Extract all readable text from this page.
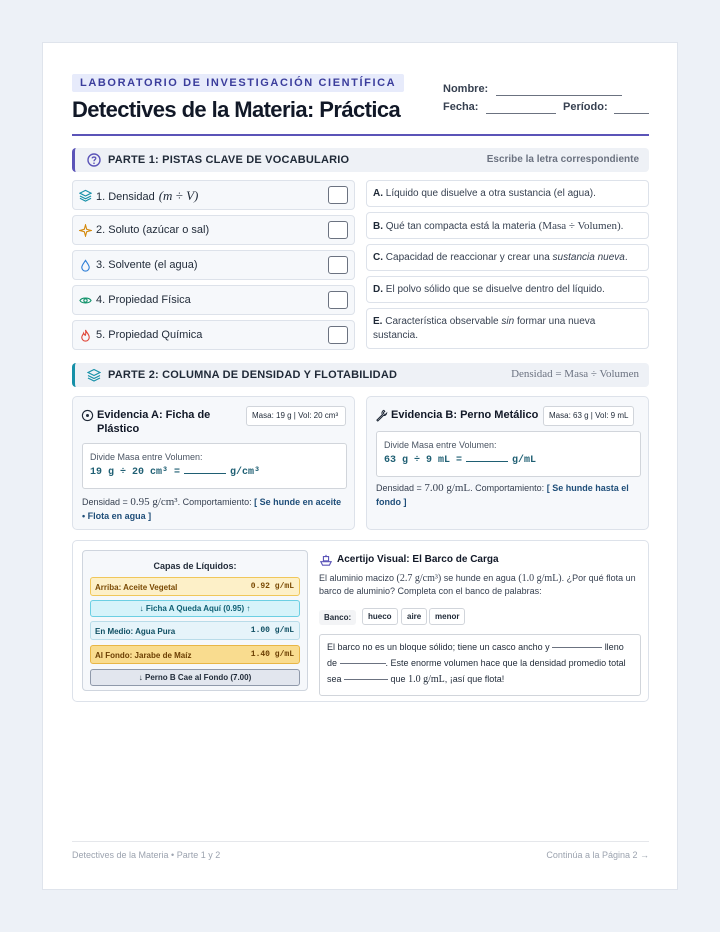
LABORATORIO DE INVESTIGACIÓN CIENTÍFICA
Detectives de la Materia: Práctica
Nombre:
Fecha:	Período:
PARTE 1: PISTAS CLAVE DE VOCABULARIO	Escribe la letra correspondiente
1. Densidad (m ÷ V)
2. Soluto (azúcar o sal)
3. Solvente (el agua)
4. Propiedad Física
5. Propiedad Química
A. Líquido que disuelve a otra sustancia (el agua).
B. Qué tan compacta está la materia (Masa ÷ Volumen).
C. Capacidad de reaccionar y crear una sustancia nueva.
D. El polvo sólido que se disuelve dentro del líquido.
E. Característica observable sin formar una nueva sustancia.
PARTE 2: COLUMNA DE DENSIDAD Y FLOTABILIDAD	Densidad = Masa ÷ Volumen
Evidencia A: Ficha de Plástico
Masa: 19 g | Vol: 20 cm³
Divide Masa entre Volumen:
19 g ÷ 20 cm³ =	g/cm³
Densidad = 0.95 g/cm³. Comportamiento: [ Se hunde en aceite • Flota en agua ]
Evidencia B: Perno Metálico	Masa: 63 g | Vol: 9 mL
Divide Masa entre Volumen:
63 g ÷ 9 mL =	g/mL
Densidad = 7.00 g/mL. Comportamiento: [ Se hunde hasta el fondo ]
Capas de Líquidos:
Arriba: Aceite Vegetal	0.92 g/mL
↓ Ficha A Queda Aquí (0.95) ↑
En Medio: Agua Pura	1.00 g/mL
Al Fondo: Jarabe de Maíz	1.40 g/mL
↓ Perno B Cae al Fondo (7.00)
Acertijo Visual: El Barco de Carga
El aluminio macizo (2.7 g/cm³) se hunde en agua (1.0 g/mL). ¿Por qué flota un barco de aluminio? Completa con el banco de palabras:
Banco:	hueco	aire	menor
El barco no es un bloque sólido; tiene un casco ancho y	lleno de	. Este enorme volumen hace que la densidad promedio total sea	que 1.0 g/mL, ¡así que flota!
Detectives de la Materia • Parte 1 y 2	Continúa a la Página 2 →
